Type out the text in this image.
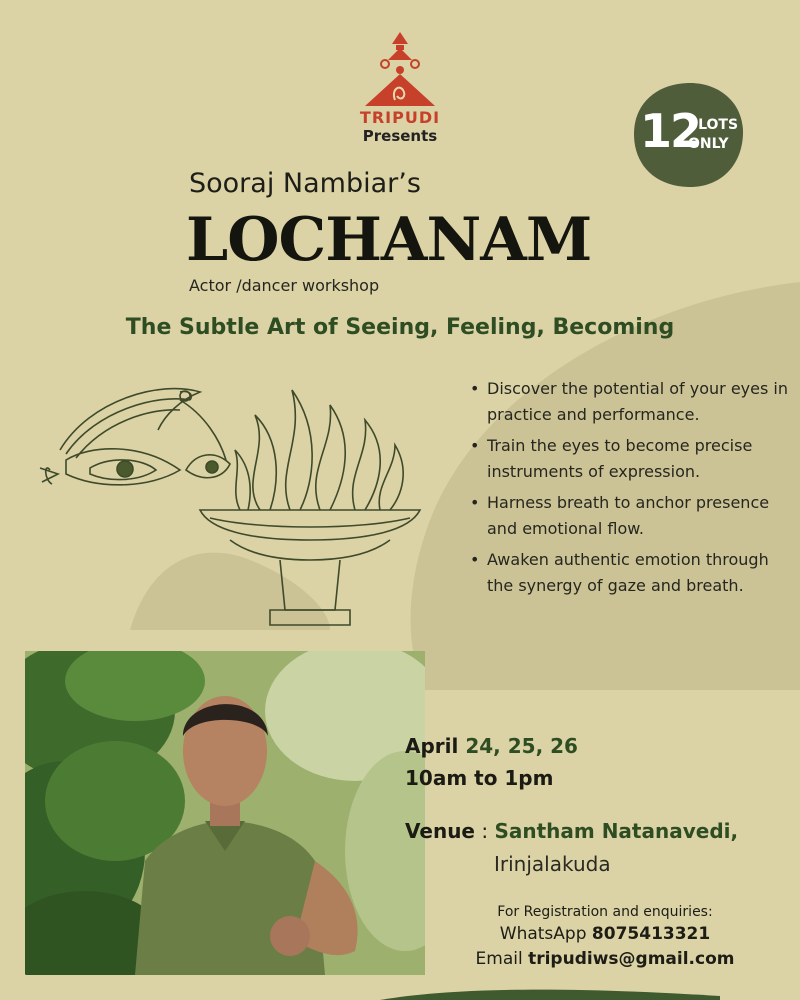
TRIPUDI
Presents	12
SLOTS
ONLY
Sooraj Nambiar’s
LOCHANAM
Actor /dancer workshop
The Subtle Art of Seeing, Feeling, Becoming
• Discover the potential of your eyes in practice and performance.
• Train the eyes to become precise instruments of expression.
• Harness breath to anchor presence and emotional flow.
• Awaken authentic emotion through the synergy of gaze and breath.
April 24, 25, 26
10am to 1pm
Venue : Santham Natanavedi,
Irinjalakuda
For Registration and enquiries:
WhatsApp 8075413321
Email tripudiws@gmail.com
